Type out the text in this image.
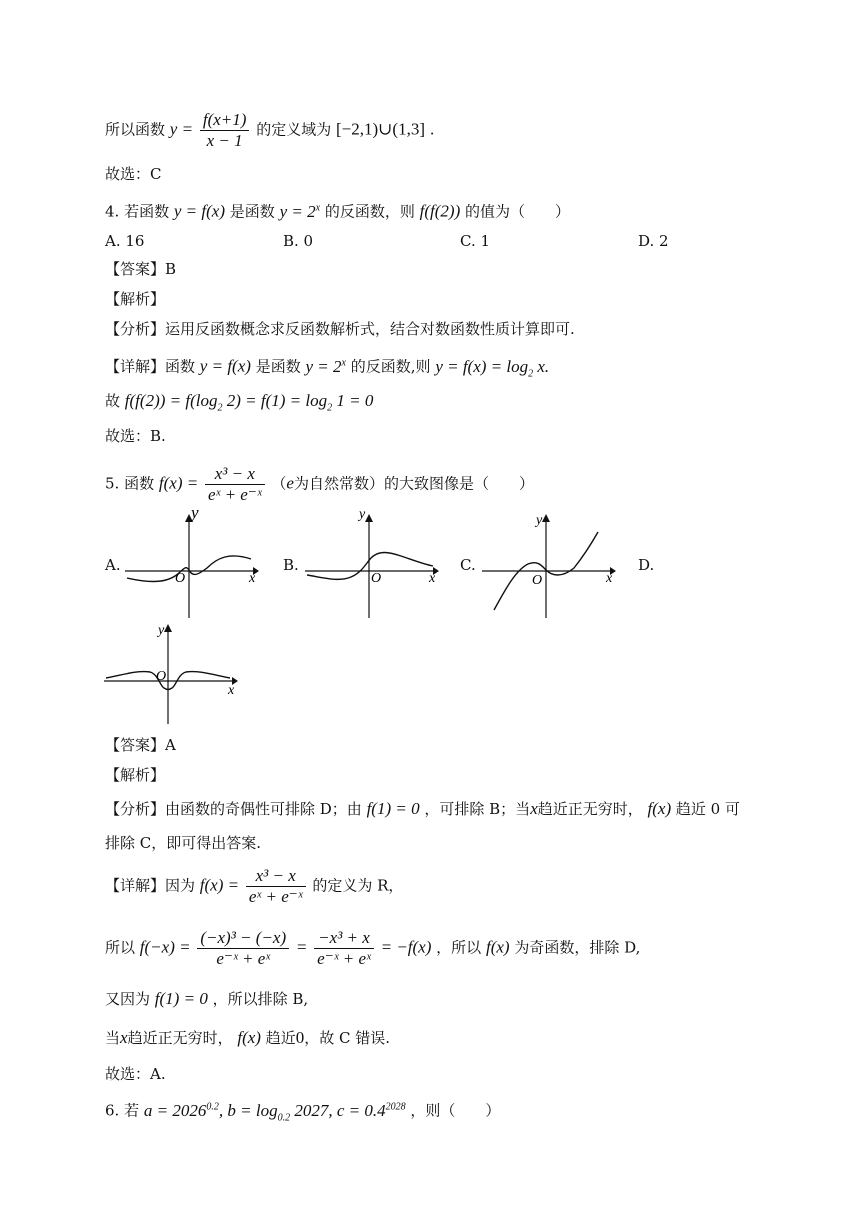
所以函数 $y = \frac{f(x+1)}{x - 1}$ 的定义域为 [−2,1)∪(1,3] .
故选：C
4. 若函数 y = f(x) 是函数 $y = 2^x$ 的反函数，则 f(f(2)) 的值为（　　）
A. 16	B. 0	C. 1	D. 2
【答案】B
【解析】
【分析】运用反函数概念求反函数解析式，结合对数函数性质计算即可.
【详解】函数 y = f(x) 是函数 $y = 2^x$ 的反函数,则 $y = f(x) = \log_2 x$.
故 $f(f(2)) = f(\log_2$ $2) = f(1) = \log_2 1 = 0$
故选：B.
5. 函数 $f(x) = \frac{\text{x³ − x}}{\text{eˣ + e⁻ˣ}} (e$为自然常数）的大致图像是（　　）
A.	B.	C.	D.
y
x
O
y
x
O
y
x
O
y
x
O
【答案】A
【解析】
【分析】由函数的奇偶性可排除 D；由 f(1) = 0 ，可排除 B；当x趋近正无穷时， f(x) 趋近 0 可
排除 C，即可得出答案.
【详解】因为 $f(x) = \frac{\text{x³ − x}}{\text{eˣ + e⁻ˣ}}$ 的定义为 R，
所以 $f(-x) = \frac{\text{(−x)³ − (−x)}}{\text{e⁻ˣ + eˣ}} = \frac{\text{−x³ + x}}{\text{e⁻ˣ + eˣ}} = -f(x)$ ，所以 f(x) 为奇函数，排除 D,
又因为 f(1) = 0 ，所以排除 B,
当x趋近正无穷时， f(x) 趋近0，故 C 错误.
故选：A.
6. 若 $a = 2026^{0.2}$, $b = \log_{0.2} 2027$, $c = 0.4^{2028}$ ，则（　　）
